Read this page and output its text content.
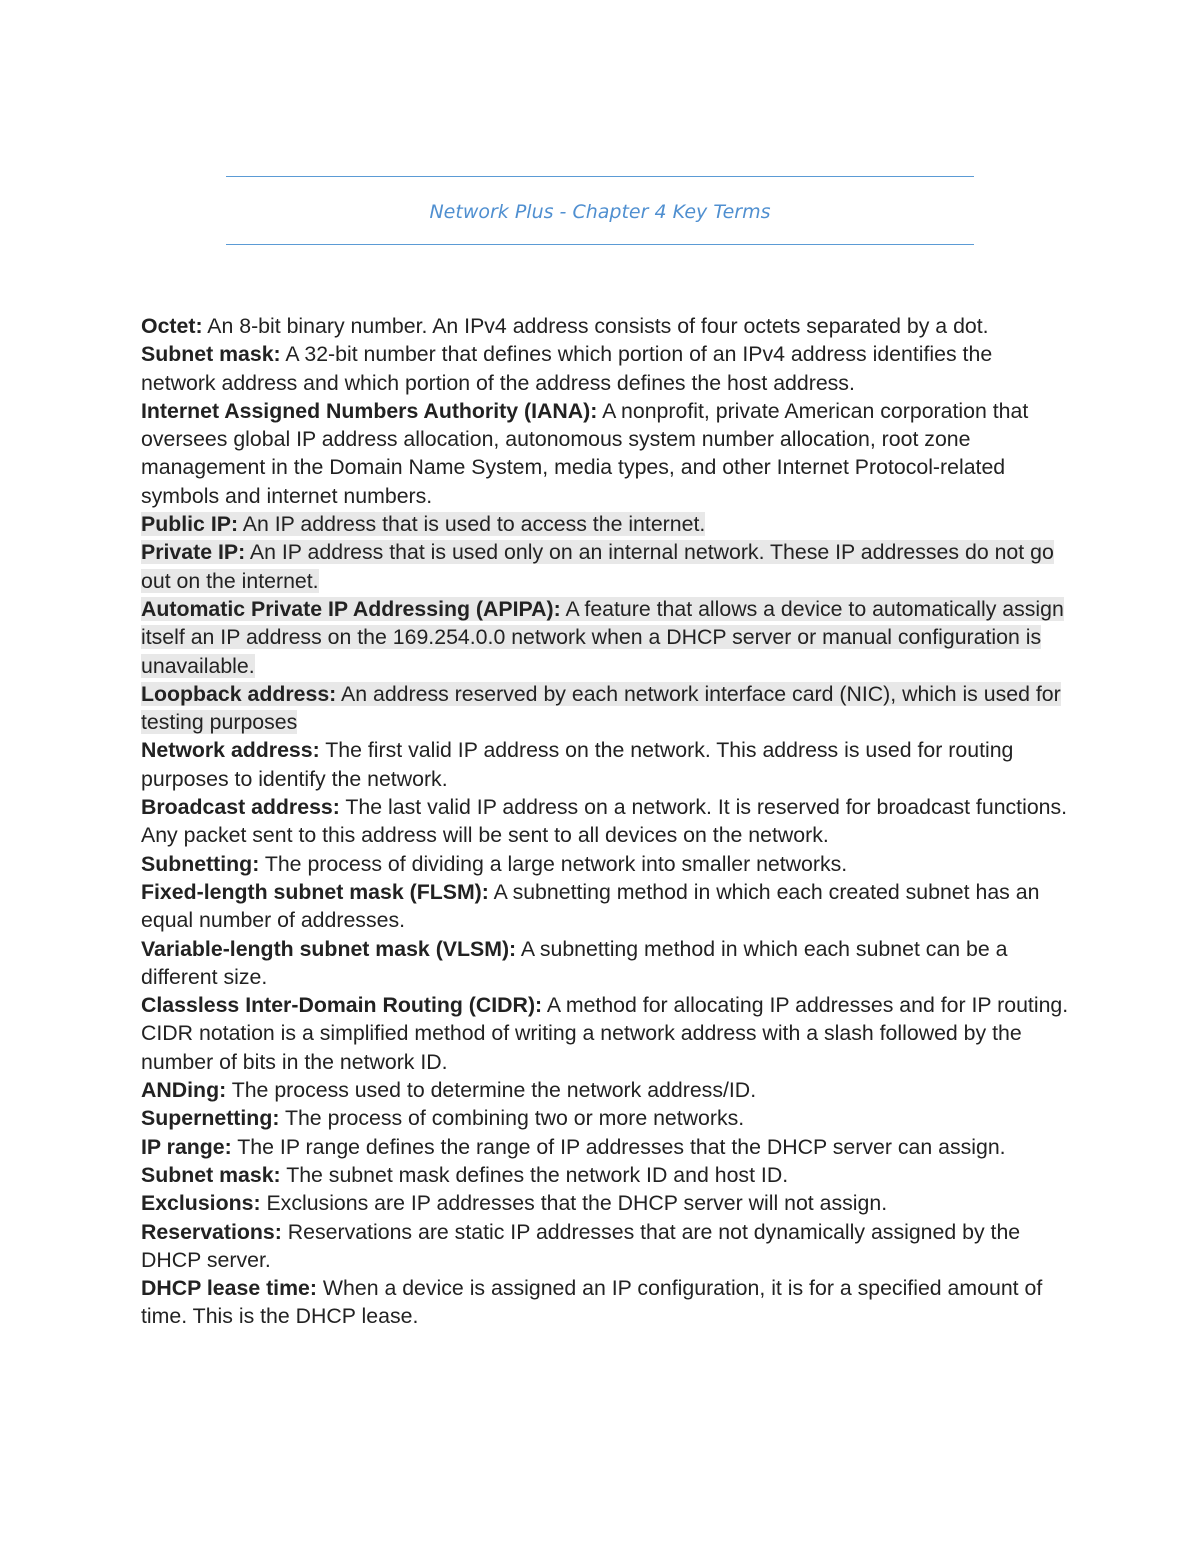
Network Plus - Chapter 4 Key Terms

Octet: An 8-bit binary number. An IPv4 address consists of four octets separated by a dot.

Subnet mask: A 32-bit number that defines which portion of an IPv4 address identifies the network address and which portion of the address defines the host address.

Internet Assigned Numbers Authority (IANA): A nonprofit, private American corporation that oversees global IP address allocation, autonomous system number allocation, root zone management in the Domain Name System, media types, and other Internet Protocol-related symbols and internet numbers.

Public IP: An IP address that is used to access the internet.

Private IP: An IP address that is used only on an internal network. These IP addresses do not go out on the internet.

Automatic Private IP Addressing (APIPA): A feature that allows a device to automatically assign itself an IP address on the 169.254.0.0 network when a DHCP server or manual configuration is unavailable.

Loopback address: An address reserved by each network interface card (NIC), which is used for testing purposes

Network address: The first valid IP address on the network. This address is used for routing purposes to identify the network.

Broadcast address: The last valid IP address on a network. It is reserved for broadcast functions. Any packet sent to this address will be sent to all devices on the network.

Subnetting: The process of dividing a large network into smaller networks.

Fixed-length subnet mask (FLSM): A subnetting method in which each created subnet has an equal number of addresses.

Variable-length subnet mask (VLSM): A subnetting method in which each subnet can be a different size.

Classless Inter-Domain Routing (CIDR): A method for allocating IP addresses and for IP routing. CIDR notation is a simplified method of writing a network address with a slash followed by the number of bits in the network ID.

ANDing: The process used to determine the network address/ID.

Supernetting: The process of combining two or more networks.

IP range: The IP range defines the range of IP addresses that the DHCP server can assign.

Subnet mask: The subnet mask defines the network ID and host ID.

Exclusions: Exclusions are IP addresses that the DHCP server will not assign.

Reservations: Reservations are static IP addresses that are not dynamically assigned by the DHCP server.

DHCP lease time: When a device is assigned an IP configuration, it is for a specified amount of time. This is the DHCP lease.
